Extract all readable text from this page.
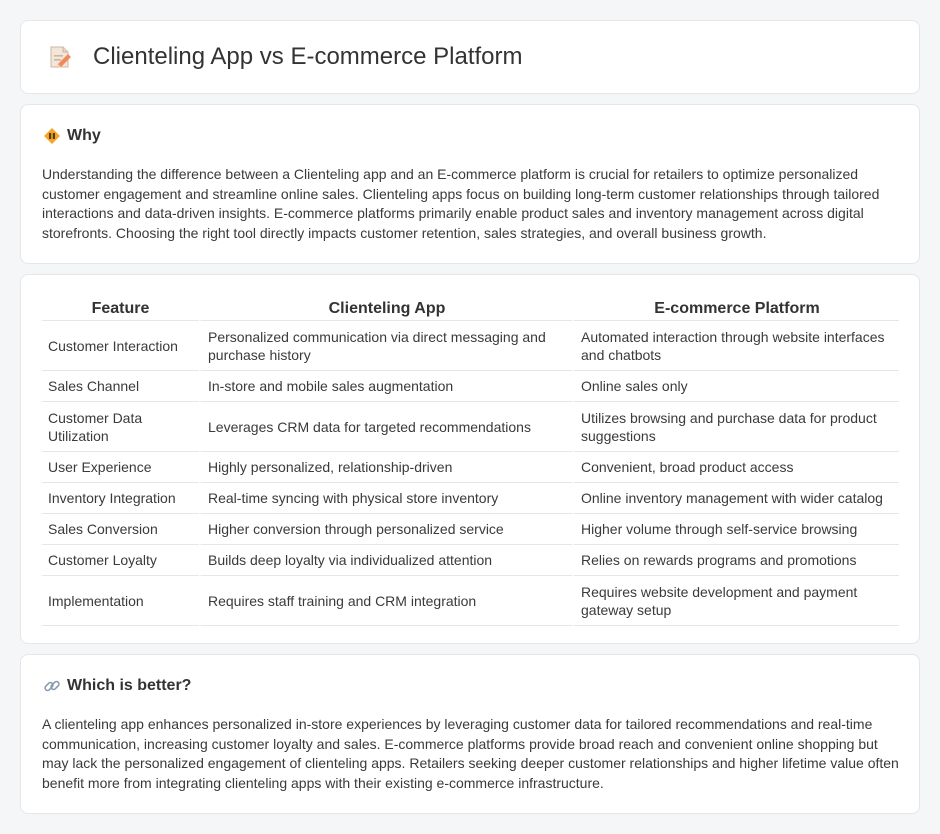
Clienteling App vs E-commerce Platform
Why

Understanding the difference between a Clienteling app and an E-commerce platform is crucial for retailers to optimize personalized customer engagement and streamline online sales. Clienteling apps focus on building long-term customer relationships through tailored interactions and data-driven insights. E-commerce platforms primarily enable product sales and inventory management across digital storefronts. Choosing the right tool directly impacts customer retention, sales strategies, and overall business growth.

Feature	Clienteling App	E-commerce Platform
Customer Interaction	Personalized communication via direct messaging and purchase history	Automated interaction through website interfaces and chatbots
Sales Channel	In-store and mobile sales augmentation	Online sales only
Customer Data Utilization	Leverages CRM data for targeted recommendations	Utilizes browsing and purchase data for product suggestions
User Experience	Highly personalized, relationship-driven	Convenient, broad product access
Inventory Integration	Real-time syncing with physical store inventory	Online inventory management with wider catalog
Sales Conversion	Higher conversion through personalized service	Higher volume through self-service browsing
Customer Loyalty	Builds deep loyalty via individualized attention	Relies on rewards programs and promotions
Implementation	Requires staff training and CRM integration	Requires website development and payment gateway setup
Which is better?

A clienteling app enhances personalized in-store experiences by leveraging customer data for tailored recommendations and real-time communication, increasing customer loyalty and sales. E-commerce platforms provide broad reach and convenient online shopping but may lack the personalized engagement of clienteling apps. Retailers seeking deeper customer relationships and higher lifetime value often benefit more from integrating clienteling apps with their existing e-commerce infrastructure.
